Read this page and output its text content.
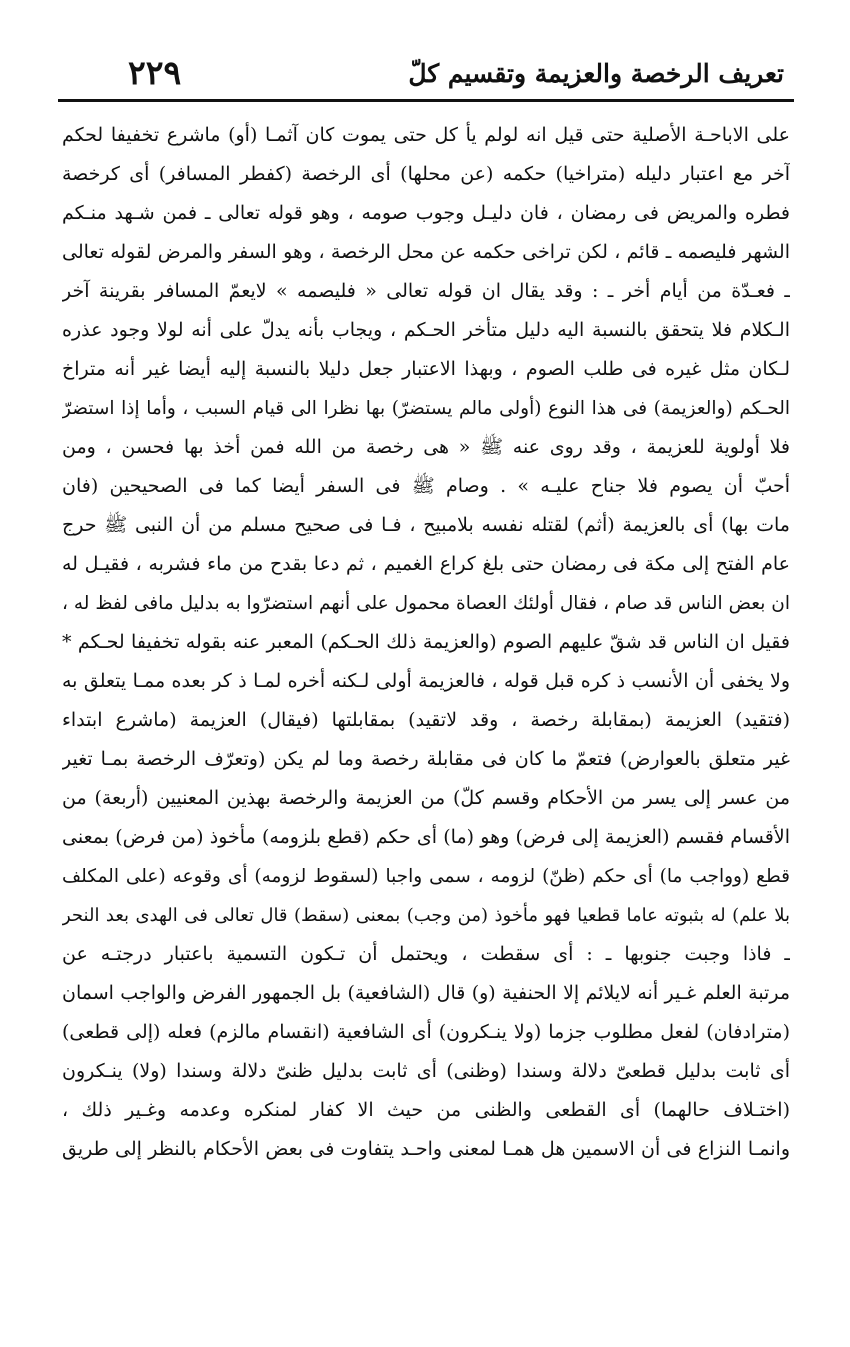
تعريف الرخصة والعزيمة وتقسيم كلّ
٢٢٩
على الاباحـة الأصلية حتى قيل انه لولم يأ كل حتى يموت كان آثمـا (أو) ماشرع تخفيفا لحكم
آخر مع اعتبار دليله (متراخيا) حكمه (عن محلها) أى الرخصة (كفطر المسافر) أى كرخصة
فطره والمريض فى رمضان ، فان دليـل وجوب صومه ، وهو قوله تعالى ـ فمن شـهد منـكم
الشهر فليصمه ـ قائم ، لكن تراخى حكمه عن محل الرخصة ، وهو السفر والمرض لقوله تعالى
ـ فعـدّة من أيام أخر ـ : وقد يقال ان قوله تعالى « فليصمه » لايعمّ المسافر بقرينة آخر
الـكلام فلا يتحقق بالنسبة اليه دليل متأخر الحـكم ، ويجاب بأنه يدلّ على أنه لولا وجود عذره
لـكان مثل غيره فى طلب الصوم ، وبهذا الاعتبار جعل دليلا بالنسبة إليه أيضا غير أنه متراخ
الحـكم (والعزيمة) فى هذا النوع (أولى مالم يستضرّ) بها نظرا الى قيام السبب ، وأما إذا استضرّ
فلا أولوية للعزيمة ، وقد روى عنه ﷺ « هى رخصة من الله فمن أخذ بها فحسن ، ومن
أحبّ أن يصوم فلا جناح عليـه » . وصام ﷺ فى السفر أيضا كما فى الصحيحين (فان
مات بها) أى بالعزيمة (أثم) لقتله نفسه بلامبيح ، فـا فى صحيح مسلم من أن النبى ﷺ حرج
عام الفتح إلى مكة فى رمضان حتى بلغ كراع الغميم ، ثم دعا بقدح من ماء فشربه ، فقيـل له
ان بعض الناس قد صام ، فقال أولئك العصاة محمول على أنهم استضرّوا به بدليل مافى لفظ له ،
فقيل ان الناس قد شقّ عليهم الصوم (والعزيمة ذلك الحـكم) المعبر عنه بقوله تخفيفا لحـكم *
ولا يخفى أن الأنسب ذ كره قبل قوله ، فالعزيمة أولى لـكنه أخره لمـا ذ كر بعده ممـا يتعلق به
(فتقيد) العزيمة (بمقابلة رخصة ، وقد لاتقيد) بمقابلتها (فيقال) العزيمة (ماشرع ابتداء
غير متعلق بالعوارض) فتعمّ ما كان فى مقابلة رخصة وما لم يكن (وتعرّف الرخصة بمـا تغير
من عسر إلى يسر من الأحكام وقسم كلّ) من العزيمة والرخصة بهذين المعنيين (أربعة) من
الأقسام فقسم (العزيمة إلى فرض) وهو (ما) أى حكم (قطع بلزومه) مأخوذ (من فرض) بمعنى
قطع (وواجب ما) أى حكم (ظنّ) لزومه ، سمى واجبا (لسقوط لزومه) أى وقوعه (على المكلف
بلا علم) له بثبوته عاما قطعيا فهو مأخوذ (من وجب) بمعنى (سقط) قال تعالى فى الهدى بعد النحر
ـ فاذا وجبت جنوبها ـ : أى سقطت ، ويحتمل أن تـكون التسمية باعتبار درجتـه عن
مرتبة العلم غـير أنه لايلائم إلا الحنفية (و) قال (الشافعية) بل الجمهور الفرض والواجب اسمان
(مترادفان) لفعل مطلوب جزما (ولا ينـكرون) أى الشافعية (انقسام مالزم) فعله (إلى قطعى)
أى ثابت بدليل قطعىّ دلالة وسندا (وظنى) أى ثابت بدليل ظنىّ دلالة وسندا (ولا) ينـكرون
(اختـلاف حالهما) أى القطعى والظنى من حيث الا كفار لمنكره وعدمه وغـير ذلك ،
وانمـا النزاع فى أن الاسمين هل همـا لمعنى واحـد يتفاوت فى بعض الأحكام بالنظر إلى طريق
